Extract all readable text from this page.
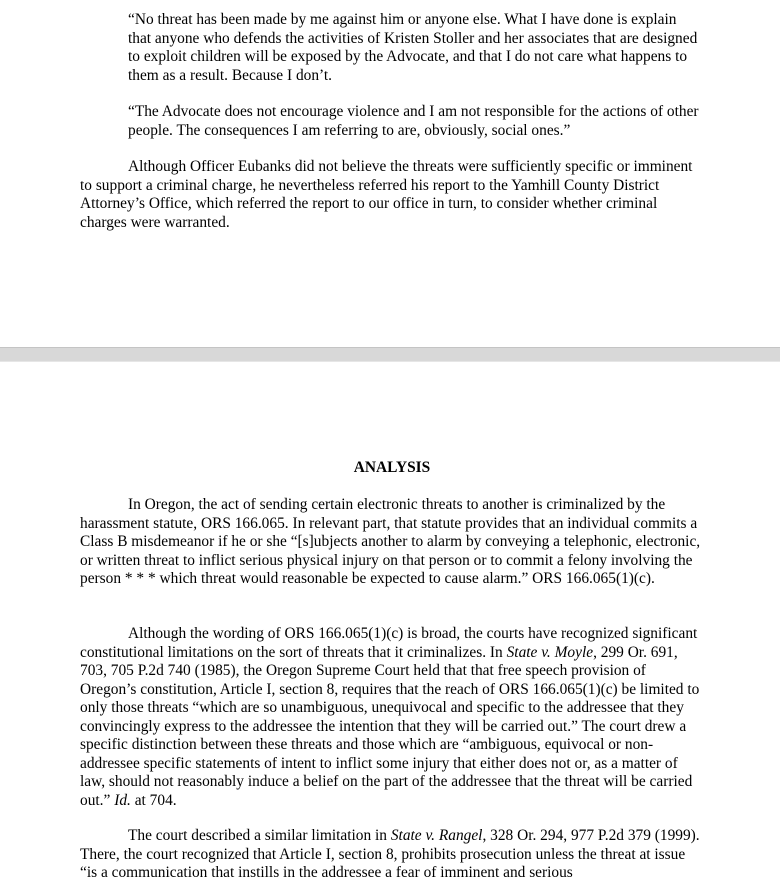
“No threat has been made by me against him or anyone else. What I have done is explain that anyone who defends the activities of Kristen Stoller and her associates that are designed to exploit children will be exposed by the Advocate, and that I do not care what happens to them as a result. Because I don’t.

“The Advocate does not encourage violence and I am not responsible for the actions of other people. The consequences I am referring to are, obviously, social ones.”

Although Officer Eubanks did not believe the threats were sufficiently specific or imminent to support a criminal charge, he nevertheless referred his report to the Yamhill County District Attorney’s Office, which referred the report to our office in turn, to consider whether criminal charges were warranted.

ANALYSIS

In Oregon, the act of sending certain electronic threats to another is criminalized by the harassment statute, ORS 166.065. In relevant part, that statute provides that an individual commits a Class B misdemeanor if he or she “[s]ubjects another to alarm by conveying a telephonic, electronic, or written threat to inflict serious physical injury on that person or to commit a felony involving the person * * * which threat would reasonable be expected to cause alarm.” ORS 166.065(1)(c).

Although the wording of ORS 166.065(1)(c) is broad, the courts have recognized significant constitutional limitations on the sort of threats that it criminalizes. In State v. Moyle, 299 Or. 691, 703, 705 P.2d 740 (1985), the Oregon Supreme Court held that that free speech provision of Oregon’s constitution, Article I, section 8, requires that the reach of ORS 166.065(1)(c) be limited to only those threats “which are so unambiguous, unequivocal and specific to the addressee that they convincingly express to the addressee the intention that they will be carried out.” The court drew a specific distinction between these threats and those which are “ambiguous, equivocal or non-addressee specific statements of intent to inflict some injury that either does not or, as a matter of law, should not reasonably induce a belief on the part of the addressee that the threat will be carried out.” Id. at 704.

The court described a similar limitation in State v. Rangel, 328 Or. 294, 977 P.2d 379 (1999). There, the court recognized that Article I, section 8, prohibits prosecution unless the threat at issue “is a communication that instills in the addressee a fear of imminent and serious
